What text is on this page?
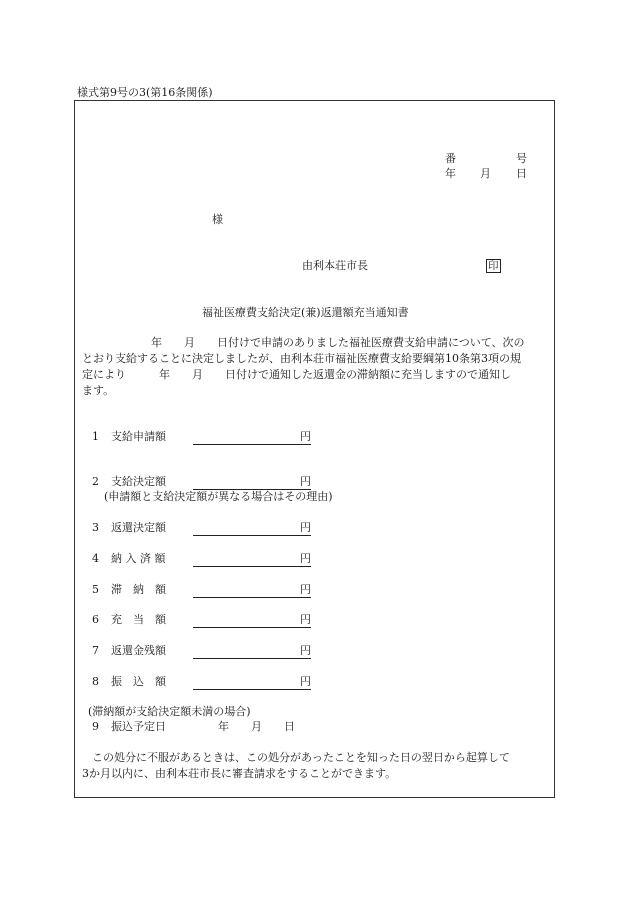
様式第9号の3(第16条関係)
番	号
年 月 日
様
由利本荘市長	印
福祉医療費支給決定(兼)返還額充当通知書
年　　月　　日付けで申請のありました福祉医療費支給申請について、次の
とおり支給することに決定しましたが、由利本荘市福祉医療費支給要綱第10条第3項の規
定により　　　年　　月　　日付けで通知した返還金の滞納額に充当しますので通知し
ます。
1 支給申請額	円
2 支給決定額	円
(申請額と支給決定額が異なる場合はその理由)
3 返還決定額	円
4 納 入 済 額	円
5 滞　納　額	円
6 充　当　額	円
7 返還金残額	円
8 振　込　額	円
(滞納額が支給決定額未満の場合)
9 振込予定日	年　　月　　日
この処分に不服があるときは、この処分があったことを知った日の翌日から起算して
3か月以内に、由利本荘市長に審査請求をすることができます。
